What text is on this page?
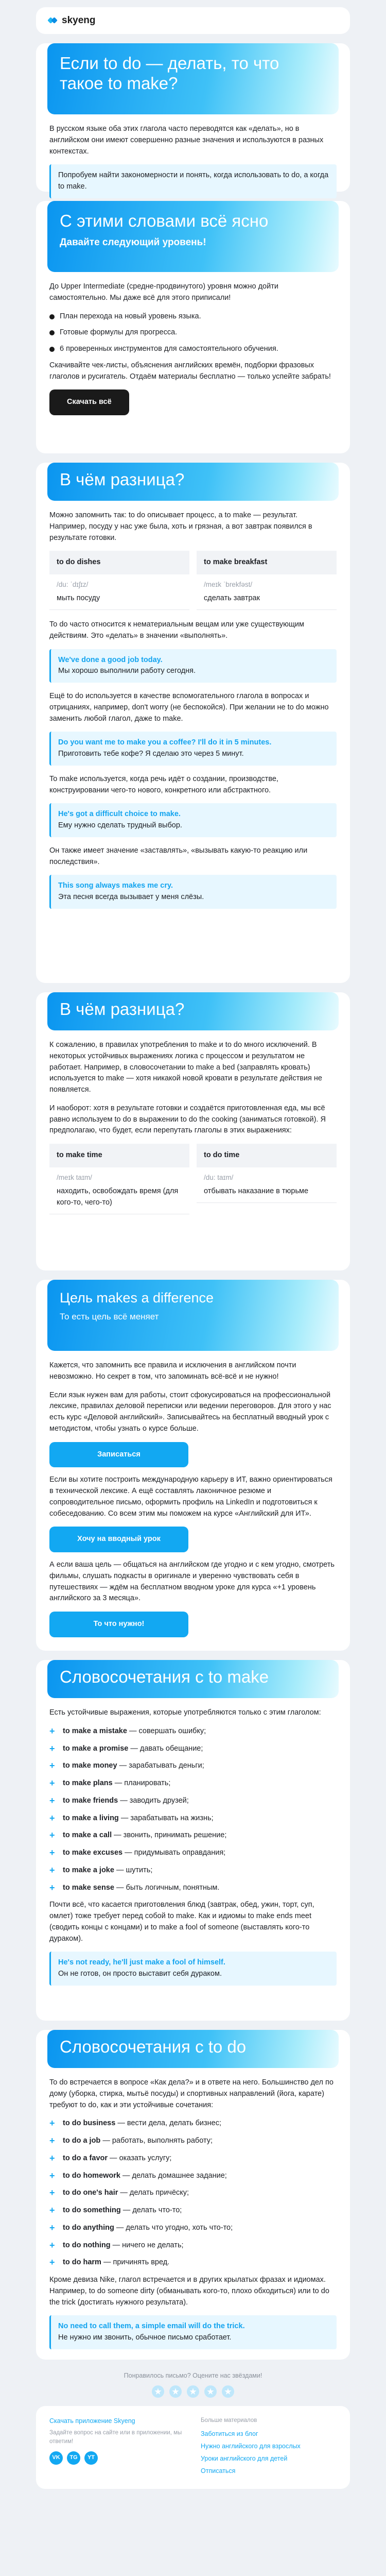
skyeng
Если to do — делать, то что такое to make?

В русском языке оба этих глагола часто переводятся как «делать», но в английском они имеют совершенно разные значения и используются в разных контекстах.

Попробуем найти закономерности и понять, когда использовать to do, а когда to make.
С этими словами всё ясно
Давайте следующий уровень!

До Upper Intermediate (средне-продвинутого) уровня можно дойти самостоятельно. Мы даже всё для этого приписали!

План перехода на новый уровень языка.
Готовые формулы для прогресса.
6 проверенных инструментов для самостоятельного обучения.

Скачивайте чек-листы, объяснения английских времён, подборки фразовых глаголов и русигатель. Отдаём материалы бесплатно — только успейте забрать!

Скачать всё
В чём разница?

Можно запомнить так: to do описывает процесс, а to make — результат. Например, посуду у нас уже была, хоть и грязная, а вот завтрак появился в результате готовки.

to do dishes
/du: ˈdɪʃɪz/
мыть посуду
to make breakfast
/meɪk ˈbrekfəst/
сделать завтрак

To do часто относится к нематериальным вещам или уже существующим действиям. Это «делать» в значении «выполнять».

We've done a good job today.
Мы хорошо выполнили работу сегодня.

Ещё to do используется в качестве вспомогательного глагола в вопросах и отрицаниях, например, don't worry (не беспокойся). При желании не to do можно заменить любой глагол, даже to make.

Do you want me to make you a coffee? I'll do it in 5 minutes.
Приготовить тебе кофе? Я сделаю это через 5 минут.

To make используется, когда речь идёт о создании, производстве, конструировании чего-то нового, конкретного или абстрактного.

He's got a difficult choice to make.
Ему нужно сделать трудный выбор.

Он также имеет значение «заставлять», «вызывать какую-то реакцию или последствия».

This song always makes me cry.
Эта песня всегда вызывает у меня слёзы.
В чём разница?

К сожалению, в правилах употребления to make и to do много исключений. В некоторых устойчивых выражениях логика с процессом и результатом не работает. Например, в словосочетании to make a bed (заправлять кровать) используется to make — хотя никакой новой кровати в результате действия не появляется.

И наоборот: хотя в результате готовки и создаётся приготовленная еда, мы всё равно используем to do в выражении to do the cooking (заниматься готовкой). Я предполагаю, что будет, если перепутать глаголы в этих выражениях:

to make time
/meɪk taɪm/
находить, освобождать время (для кого-то, чего-то)
to do time
/du: taɪm/
отбывать наказание в тюрьме
Цель makes a difference
То есть цель всё меняет

Кажется, что запомнить все правила и исключения в английском почти невозможно. Но секрет в том, что запоминать всё-всё и не нужно!

Если язык нужен вам для работы, стоит сфокусироваться на профессиональной лексике, правилах деловой переписки или ведении переговоров. Для этого у нас есть курс «Деловой английский». Записывайтесь на бесплатный вводный урок с методистом, чтобы узнать о курсе больше.

Записаться

Если вы хотите построить международную карьеру в ИТ, важно ориентироваться в технической лексике. А ещё составлять лаконичное резюме и сопроводительное письмо, оформить профиль на LinkedIn и подготовиться к собеседованию. Со всем этим мы поможем на курсе «Английский для ИТ».

Хочу на вводный урок

А если ваша цель — общаться на английском где угодно и с кем угодно, смотреть фильмы, слушать подкасты в оригинале и уверенно чувствовать себя в путешествиях — ждём на бесплатном вводном уроке для курса «+1 уровень английского за 3 месяца».

То что нужно!
Словосочетания с to make

Есть устойчивые выражения, которые употребляются только с этим глаголом:

+ to make a mistake — совершать ошибку;
+ to make a promise — давать обещание;
+ to make money — зарабатывать деньги;
+ to make plans — планировать;
+ to make friends — заводить друзей;
+ to make a living — зарабатывать на жизнь;
+ to make a call — звонить, принимать решение;
+ to make excuses — придумывать оправдания;
+ to make a joke — шутить;
+ to make sense — быть логичным, понятным.

Почти всё, что касается приготовления блюд (завтрак, обед, ужин, торт, суп, омлет) тоже требует перед собой to make. Как и идиомы to make ends meet (сводить концы с концами) и to make a fool of someone (выставлять кого-то дураком).

He's not ready, he'll just make a fool of himself.
Он не готов, он просто выставит себя дураком.
Словосочетания с to do

To do встречается в вопросе «Как дела?» и в ответе на него. Большинство дел по дому (уборка, стирка, мытьё посуды) и спортивных направлений (йога, карате) требуют to do, как и эти устойчивые сочетания:

+ to do business — вести дела, делать бизнес;
+ to do a job — работать, выполнять работу;
+ to do a favor — оказать услугу;
+ to do homework — делать домашнее задание;
+ to do one's hair — делать причёску;
+ to do something — делать что-то;
+ to do anything — делать что угодно, хоть что-то;
+ to do nothing — ничего не делать;
+ to do harm — причинять вред.

Кроме девиза Nike, глагол встречается и в других крылатых фразах и идиомах. Например, to do someone dirty (обманывать кого-то, плохо обходиться) или to do the trick (достигать нужного результата).

No need to call them, a simple email will do the trick.
Не нужно им звонить, обычное письмо сработает.
Понравилось письмо? Оцените нас звёздами!
Скачать приложение Skyeng
Задайте вопрос на сайте или в приложении, мы ответим!
VK	TG	YT
Больше материалов
Заботиться из блог
Нужно английского для взрослых
Уроки английского для детей
Отписаться
